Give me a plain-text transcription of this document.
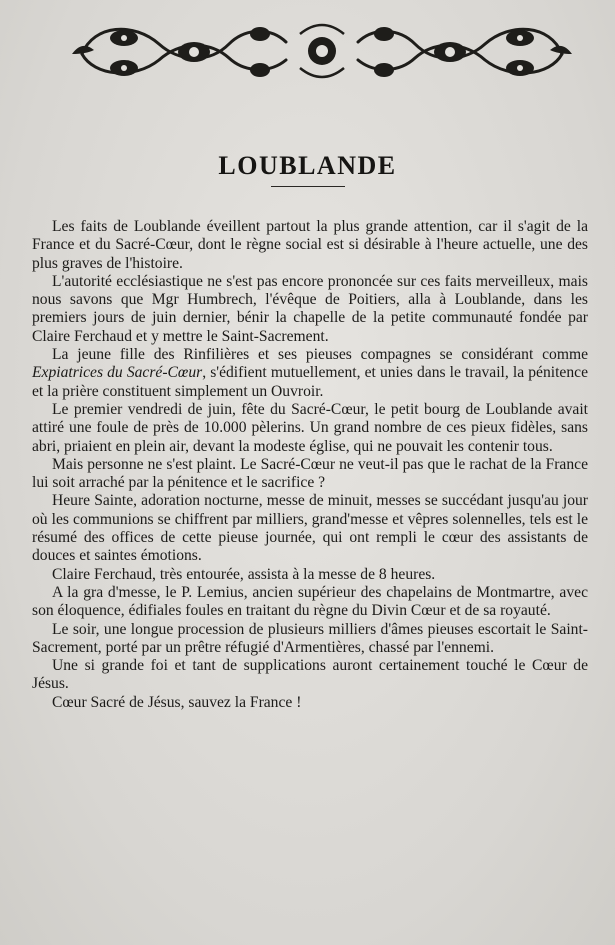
LOUBLANDE

Les faits de Loublande éveillent partout la plus grande attention, car il s'agit de la France et du Sacré-Cœur, dont le règne social est si désirable à l'heure actuelle, une des plus graves de l'histoire.

L'autorité ecclésiastique ne s'est pas encore prononcée sur ces faits merveilleux, mais nous savons que Mgr Humbrech, l'évêque de Poitiers, alla à Loublande, dans les premiers jours de juin dernier, bénir la chapelle de la petite communauté fondée par Claire Ferchaud et y mettre le Saint-Sacrement.

La jeune fille des Rinfilières et ses pieuses compagnes se considérant comme Expiatrices du Sacré-Cœur, s'édifient mutuellement, et unies dans le travail, la pénitence et la prière constituent simplement un Ouvroir.

Le premier vendredi de juin, fête du Sacré-Cœur, le petit bourg de Loublande avait attiré une foule de près de 10.000 pèlerins. Un grand nombre de ces pieux fidèles, sans abri, priaient en plein air, devant la modeste église, qui ne pouvait les contenir tous.

Mais personne ne s'est plaint. Le Sacré-Cœur ne veut-il pas que le rachat de la France lui soit arraché par la pénitence et le sacrifice ?

Heure Sainte, adoration nocturne, messe de minuit, messes se succédant jusqu'au jour où les communions se chiffrent par milliers, grand'messe et vêpres solennelles, tels est le résumé des offices de cette pieuse journée, qui ont rempli le cœur des assistants de douces et saintes émotions.

Claire Ferchaud, très entourée, assista à la messe de 8 heures.

A la gra d'messe, le P. Lemius, ancien supérieur des chapelains de Montmartre, avec son éloquence, édifiales foules en traitant du règne du Divin Cœur et de sa royauté.

Le soir, une longue procession de plusieurs milliers d'âmes pieuses escortait le Saint-Sacrement, porté par un prêtre réfugié d'Armentières, chassé par l'ennemi.

Une si grande foi et tant de supplications auront certainement touché le Cœur de Jésus.

Cœur Sacré de Jésus, sauvez la France !
